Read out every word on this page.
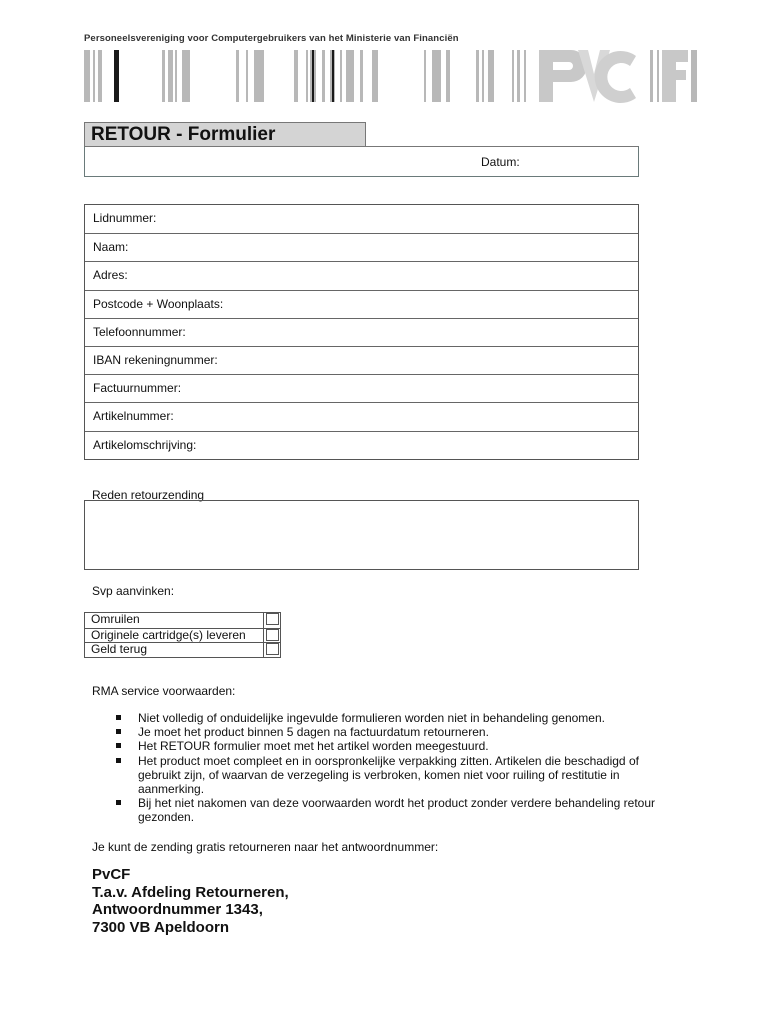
Personeelsvereniging voor Computergebruikers van het Ministerie van Financiën
RETOUR - Formulier
Datum:
Lidnummer:
Naam:
Adres:
Postcode + Woonplaats:
Telefoonnummer:
IBAN rekeningnummer:
Factuurnummer:
Artikelnummer:
Artikelomschrijving:
Reden retourzending
Svp aanvinken:
Omruilen
Originele cartridge(s) leveren
Geld terug
RMA service voorwaarden:
Niet volledig of onduidelijke ingevulde formulieren worden niet in behandeling genomen.
Je moet het product binnen 5 dagen na factuurdatum retourneren.
Het RETOUR formulier moet met het artikel worden meegestuurd.
Het product moet compleet en in oorspronkelijke verpakking zitten. Artikelen die beschadigd of gebruikt zijn, of waarvan de verzegeling is verbroken, komen niet voor ruiling of restitutie in aanmerking.
Bij het niet nakomen van deze voorwaarden wordt het product zonder verdere behandeling retour gezonden.
Je kunt de zending gratis retourneren naar het antwoordnummer:
PvCF
T.a.v. Afdeling Retourneren,
Antwoordnummer 1343,
7300 VB Apeldoorn
